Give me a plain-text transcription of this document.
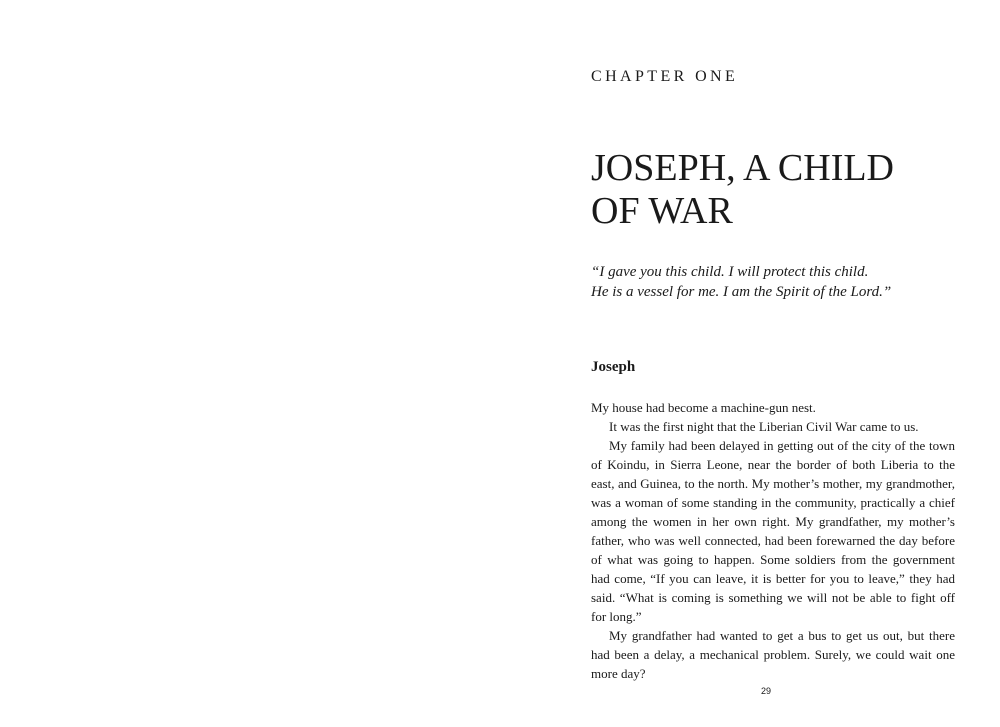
CHAPTER ONE
JOSEPH, A CHILD
OF WAR
“I gave you this child. I will protect this child.
He is a vessel for me. I am the Spirit of the Lord.”
Joseph

My house had become a machine-gun nest.

It was the first night that the Liberian Civil War came to us.

My family had been delayed in getting out of the city of the town of Koindu, in Sierra Leone, near the border of both Liberia to the east, and Guinea, to the north. My mother’s mother, my grandmother, was a woman of some standing in the community, practically a chief among the women in her own right. My grandfather, my mother’s father, who was well connected, had been forewarned the day before of what was going to happen. Some soldiers from the government had come, “If you can leave, it is better for you to leave,” they had said. “What is coming is something we will not be able to fight off for long.”

My grandfather had wanted to get a bus to get us out, but there had been a delay, a mechanical problem. Surely, we could wait one more day?

29
